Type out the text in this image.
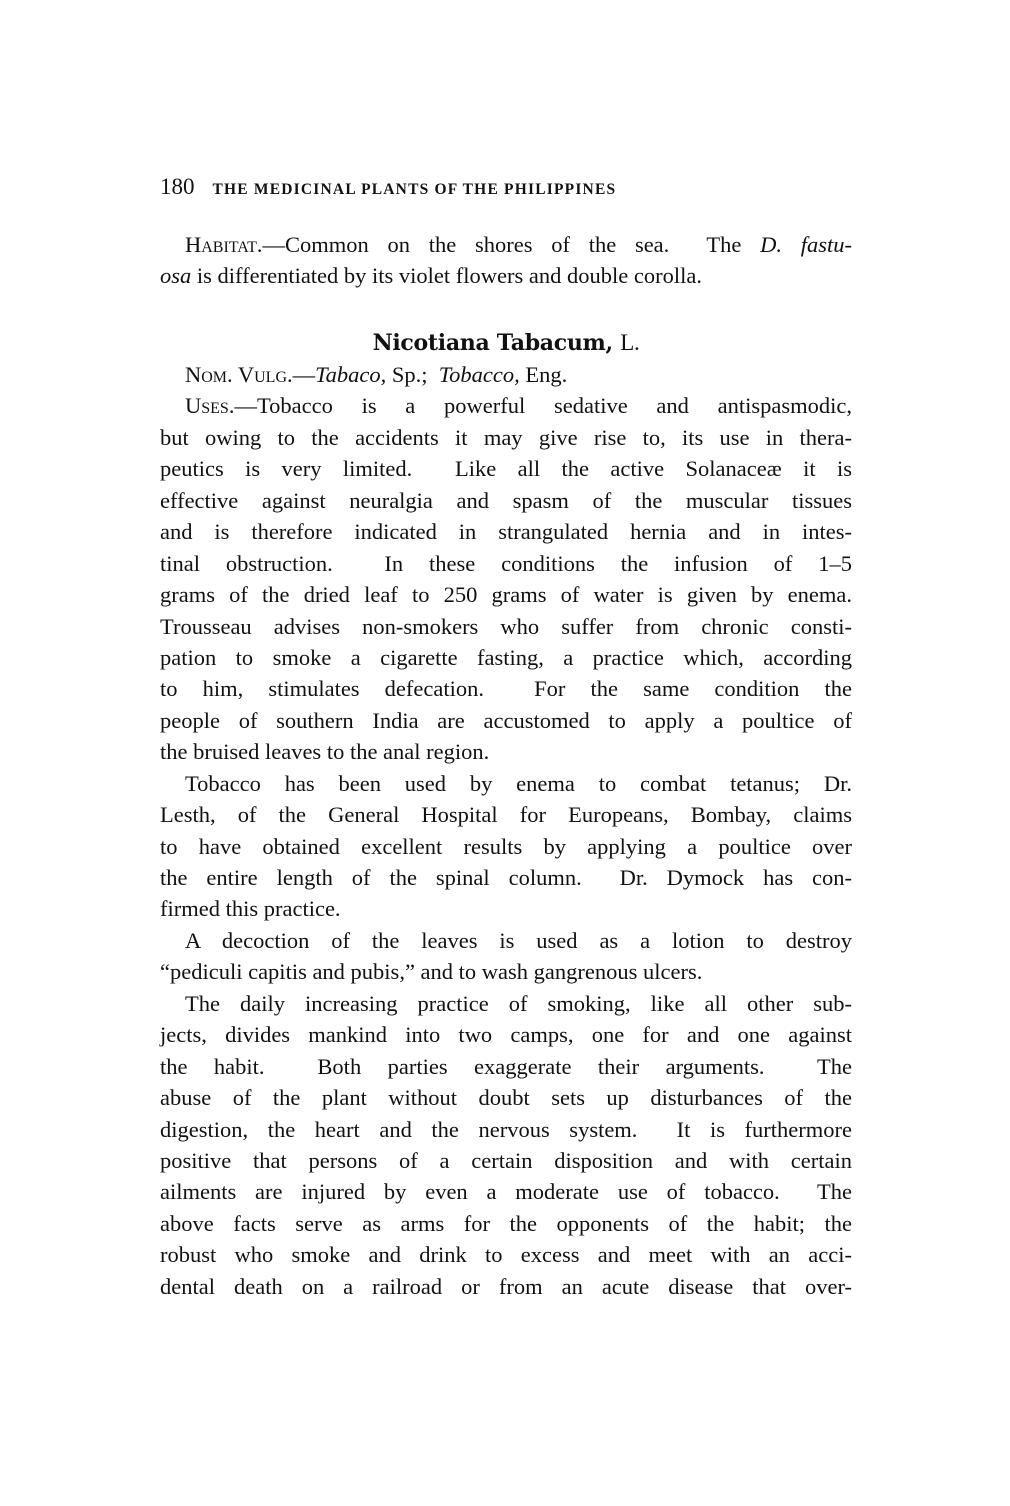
180 THE MEDICINAL PLANTS OF THE PHILIPPINES
Habitat.—Common on the shores of the sea.  The D. fastu-
osa is differentiated by its violet flowers and double corolla.
Nicotiana Tabacum, L.
Nom. Vulg.—Tabaco, Sp.;  Tobacco, Eng.
Uses.—Tobacco is a powerful sedative and antispasmodic,
but owing to the accidents it may give rise to, its use in thera-
peutics is very limited.  Like all the active Solanaceæ it is
effective against neuralgia and spasm of the muscular tissues
and is therefore indicated in strangulated hernia and in intes-
tinal obstruction.  In these conditions the infusion of 1–5
grams of the dried leaf to 250 grams of water is given by enema.
Trousseau advises non-smokers who suffer from chronic consti-
pation to smoke a cigarette fasting, a practice which, according
to him, stimulates defecation.  For the same condition the
people of southern India are accustomed to apply a poultice of
the bruised leaves to the anal region.
Tobacco has been used by enema to combat tetanus; Dr.
Lesth, of the General Hospital for Europeans, Bombay, claims
to have obtained excellent results by applying a poultice over
the entire length of the spinal column.  Dr. Dymock has con-
firmed this practice.
A decoction of the leaves is used as a lotion to destroy
“pediculi capitis and pubis,” and to wash gangrenous ulcers.
The daily increasing practice of smoking, like all other sub-
jects, divides mankind into two camps, one for and one against
the habit.  Both parties exaggerate their arguments.  The
abuse of the plant without doubt sets up disturbances of the
digestion, the heart and the nervous system.  It is furthermore
positive that persons of a certain disposition and with certain
ailments are injured by even a moderate use of tobacco.  The
above facts serve as arms for the opponents of the habit; the
robust who smoke and drink to excess and meet with an acci-
dental death on a railroad or from an acute disease that over-
